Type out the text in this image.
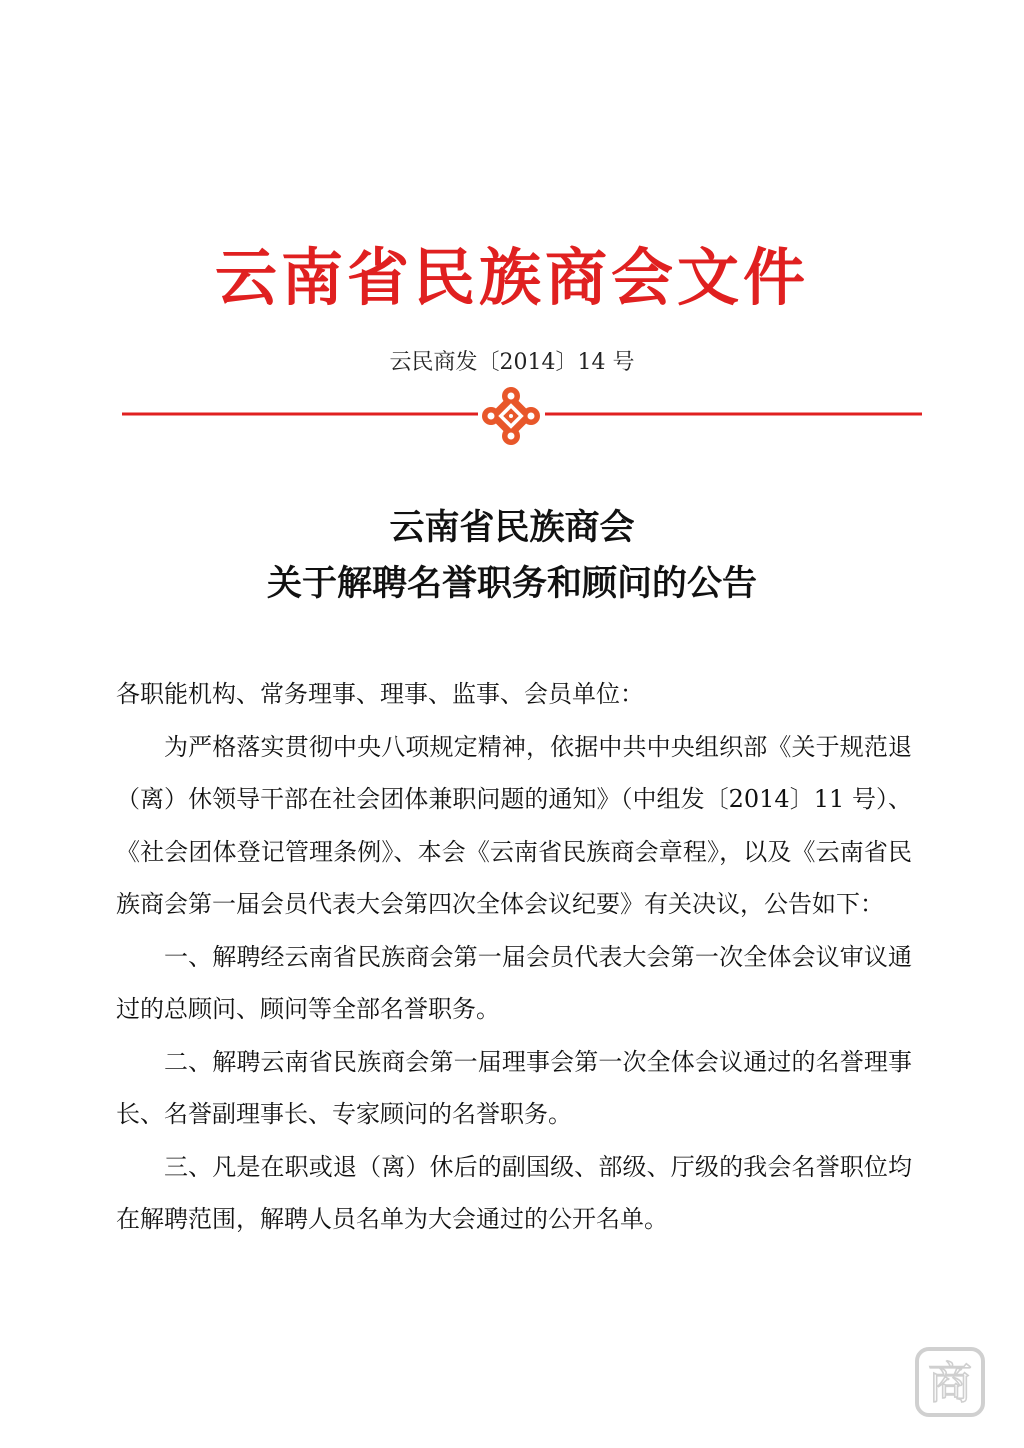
云南省民族商会文件
云民商发〔2014〕14 号
云南省民族商会
关于解聘名誉职务和顾问的公告

各职能机构、常务理事、理事、监事、会员单位：

为严格落实贯彻中央八项规定精神，依据中共中央组织部《关于规范退（离）休领导干部在社会团体兼职问题的通知》（中组发〔2014〕11 号）、《社会团体登记管理条例》、本会《云南省民族商会章程》，以及《云南省民族商会第一届会员代表大会第四次全体会议纪要》有关决议，公告如下：

一、解聘经云南省民族商会第一届会员代表大会第一次全体会议审议通过的总顾问、顾问等全部名誉职务。

二、解聘云南省民族商会第一届理事会第一次全体会议通过的名誉理事长、名誉副理事长、专家顾问的名誉职务。

三、凡是在职或退（离）休后的副国级、部级、厅级的我会名誉职位均在解聘范围，解聘人员名单为大会通过的公开名单。

商
